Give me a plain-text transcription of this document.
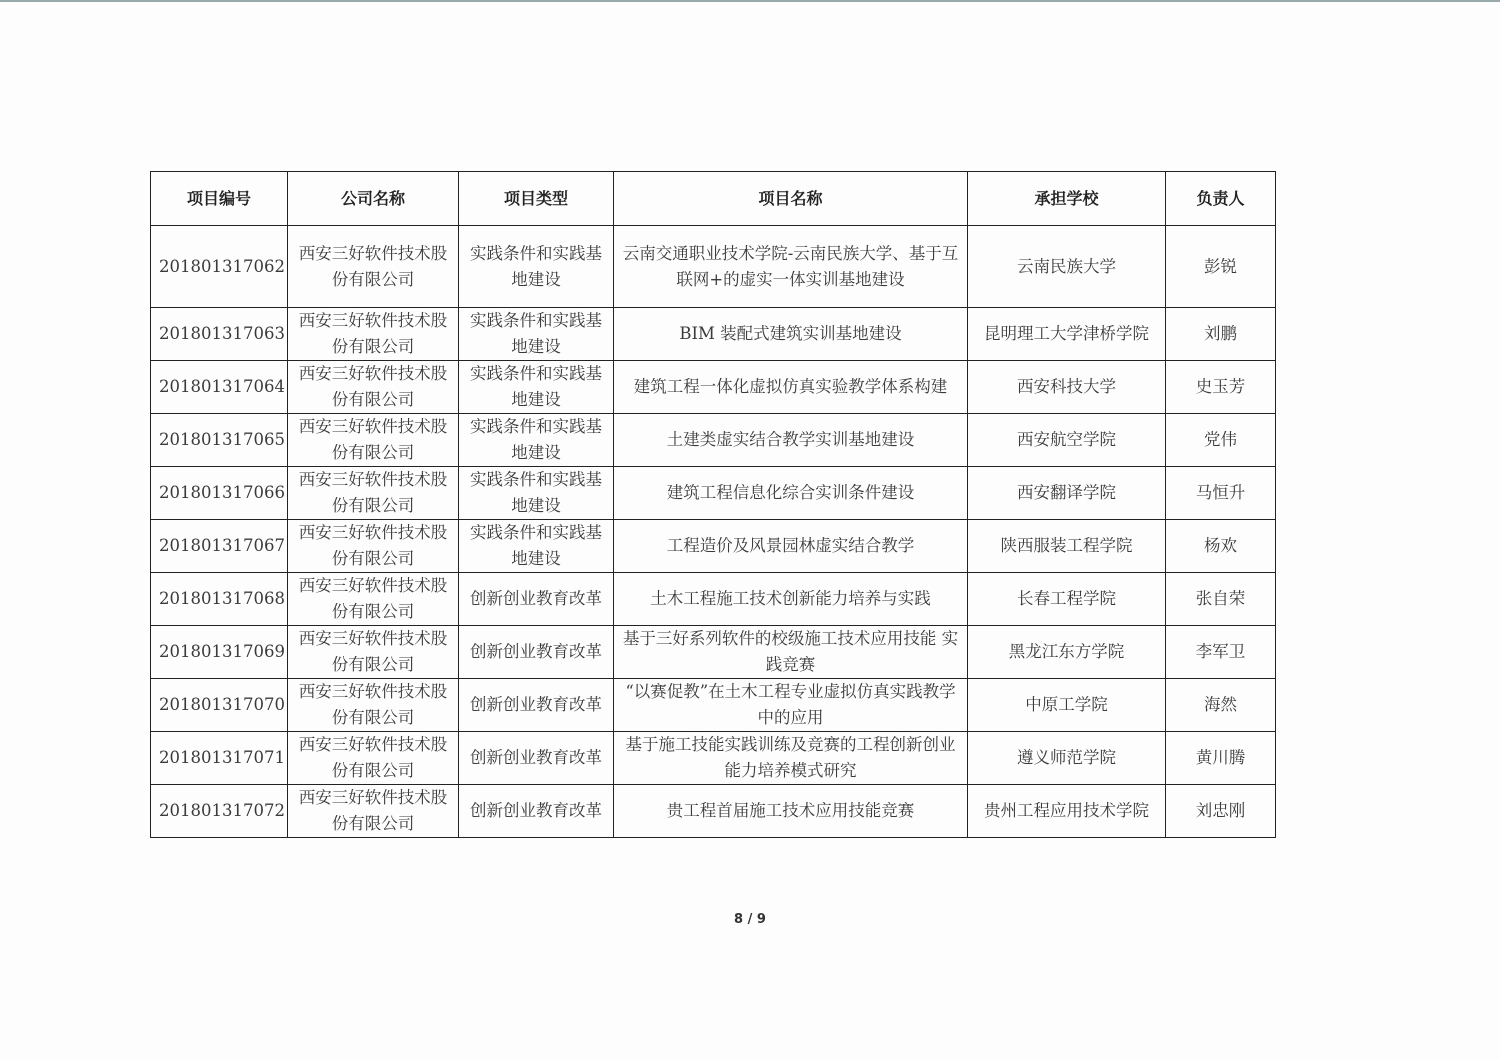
项目编号	公司名称	项目类型	项目名称	承担学校	负责人
201801317062	西安三好软件技术股份有限公司	实践条件和实践基地建设	云南交通职业技术学院-云南民族大学、基于互联网+的虚实一体实训基地建设	云南民族大学	彭锐
201801317063	西安三好软件技术股份有限公司	实践条件和实践基地建设	BIM 装配式建筑实训基地建设	昆明理工大学津桥学院	刘鹏
201801317064	西安三好软件技术股份有限公司	实践条件和实践基地建设	建筑工程一体化虚拟仿真实验教学体系构建	西安科技大学	史玉芳
201801317065	西安三好软件技术股份有限公司	实践条件和实践基地建设	土建类虚实结合教学实训基地建设	西安航空学院	党伟
201801317066	西安三好软件技术股份有限公司	实践条件和实践基地建设	建筑工程信息化综合实训条件建设	西安翻译学院	马恒升
201801317067	西安三好软件技术股份有限公司	实践条件和实践基地建设	工程造价及风景园林虚实结合教学	陕西服装工程学院	杨欢
201801317068	西安三好软件技术股份有限公司	创新创业教育改革	土木工程施工技术创新能力培养与实践	长春工程学院	张自荣
201801317069	西安三好软件技术股份有限公司	创新创业教育改革	基于三好系列软件的校级施工技术应用技能 实践竞赛	黑龙江东方学院	李军卫
201801317070	西安三好软件技术股份有限公司	创新创业教育改革	“以赛促教”在土木工程专业虚拟仿真实践教学中的应用	中原工学院	海然
201801317071	西安三好软件技术股份有限公司	创新创业教育改革	基于施工技能实践训练及竞赛的工程创新创业能力培养模式研究	遵义师范学院	黄川腾
201801317072	西安三好软件技术股份有限公司	创新创业教育改革	贵工程首届施工技术应用技能竞赛	贵州工程应用技术学院	刘忠刚
8 / 9
